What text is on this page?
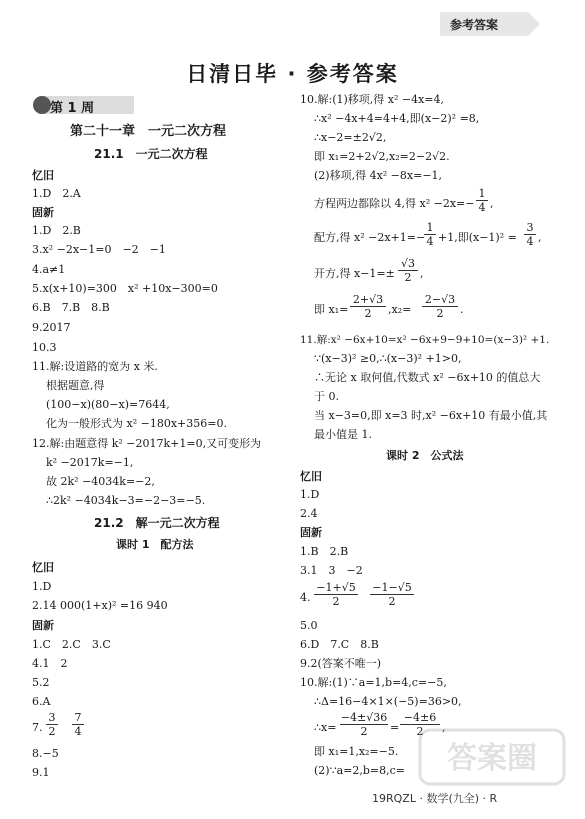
参考答案
日清日毕 · 参考答案
第 1 周
第二十一章　一元二次方程
21.1　一元二次方程
忆旧
1.D　2.A
固新
1.D　2.B
3.x² −2x−1=0　−2　−1
4.a≠1
5.x(x+10)=300　x² +10x−300=0
6.B　7.B　8.B
9.2017
10.3
11.解:设道路的宽为 x 米.
根据题意,得
(100−x)(80−x)=7644,
化为一般形式为 x² −180x+356=0.
12.解:由题意得 k² −2017k+1=0,又可变形为
k² −2017k=−1,
故 2k² −4034k=−2,
∴2k² −4034k−3=−2−3=−5.
21.2　解一元二次方程
课时 1　配方法
忆旧
1.D
2.14 000(1+x)² =16 940
固新
1.C　2.C　3.C
4.1　2
5.2
6.A
7.
3
2
7
4
8.−5
9.1
10.解:(1)移项,得 x² −4x=4,
∴x² −4x+4=4+4,即(x−2)² =8,
∴x−2=±2√2,
即 x₁=2+2√2,x₂=2−2√2.
(2)移项,得 4x² −8x=−1,
方程两边都除以 4,得 x² −2x=−
1
4 ,
配方,得 x² −2x+1=−
1
4 +1,即(x−1)² =
3
4 ,
开方,得 x−1=±
√3
2 ,
即 x₁=
2+√3
2	,x₂=
2−√3
2	.
11.解:x² −6x+10=x² −6x+9−9+10=(x−3)² +1.
∵(x−3)² ≥0,∴(x−3)² +1>0,
∴无论 x 取何值,代数式 x² −6x+10 的值总大
于 0.
当 x−3=0,即 x=3 时,x² −6x+10 有最小值,其
最小值是 1.
课时 2　公式法
忆旧
1.D
2.4
固新
1.B　2.B
3.1　3　−2
4.
−1+√5
2
−1−√5
2
5.0
6.D　7.C　8.B
9.2(答案不唯一)
10.解:(1)∵a=1,b=4,c=−5,
∴Δ=16−4×1×(−5)=36>0,
∴x=
−4±√36
2	=
−4±6
2	,
即 x₁=1,x₂=−5.
(2)∵a=2,b=8,c= 答案圈
19RQZL · 数学(九全) · R
